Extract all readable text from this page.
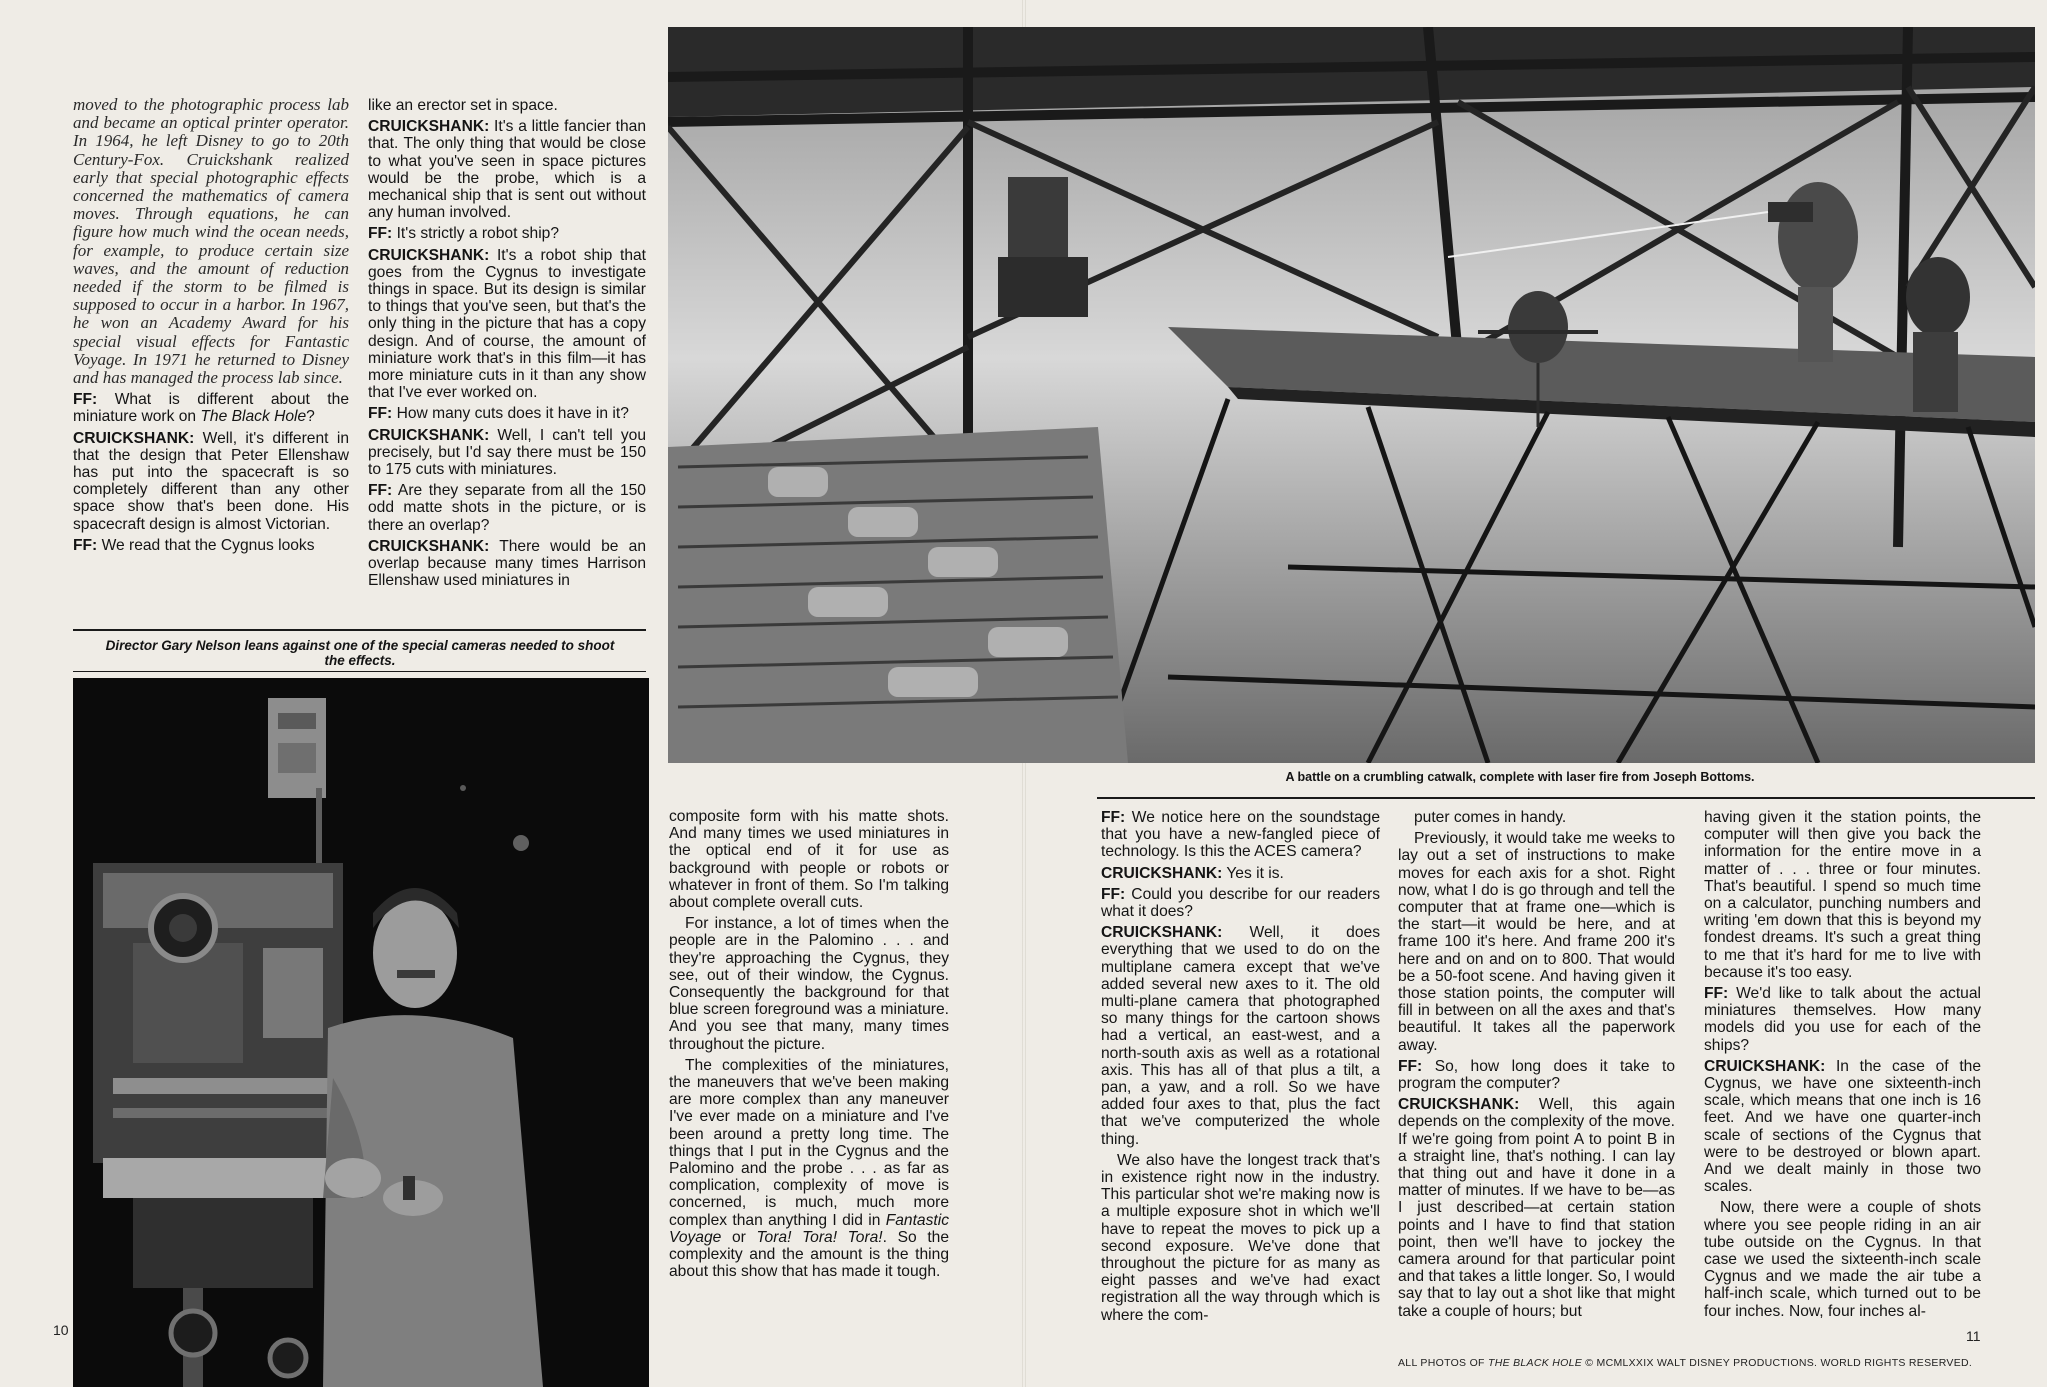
moved to the photographic process lab and became an optical printer operator. In 1964, he left Disney to go to 20th Century-Fox. Cruickshank realized early that special photographic effects concerned the mathematics of camera moves. Through equations, he can figure how much wind the ocean needs, for example, to produce certain size waves, and the amount of reduction needed if the storm to be filmed is supposed to occur in a harbor. In 1967, he won an Academy Award for his special visual effects for Fantastic Voyage. In 1971 he returned to Disney and has managed the process lab since.

FF: What is different about the miniature work on The Black Hole?

CRUICKSHANK: Well, it's different in that the design that Peter Ellenshaw has put into the spacecraft is so completely different than any other space show that's been done. His spacecraft design is almost Victorian.

FF: We read that the Cygnus looks

like an erector set in space.

CRUICKSHANK: It's a little fancier than that. The only thing that would be close to what you've seen in space pictures would be the probe, which is a mechanical ship that is sent out without any human involved.

FF: It's strictly a robot ship?

CRUICKSHANK: It's a robot ship that goes from the Cygnus to investigate things in space. But its design is similar to things that you've seen, but that's the only thing in the picture that has a copy design. And of course, the amount of miniature work that's in this film—it has more miniature cuts in it than any show that I've ever worked on.

FF: How many cuts does it have in it?

CRUICKSHANK: Well, I can't tell you precisely, but I'd say there must be 150 to 175 cuts with miniatures.

FF: Are they separate from all the 150 odd matte shots in the picture, or is there an overlap?

CRUICKSHANK: There would be an overlap because many times Harrison Ellenshaw used miniatures in

Director Gary Nelson leans against one of the special cameras needed to shoot the effects.

composite form with his matte shots. And many times we used miniatures in the optical end of it for use as background with people or robots or whatever in front of them. So I'm talking about complete overall cuts.

For instance, a lot of times when the people are in the Palomino . . . and they're approaching the Cygnus, they see, out of their window, the Cygnus. Consequently the background for that blue screen foreground was a miniature. And you see that many, many times throughout the picture.

The complexities of the miniatures, the maneuvers that we've been making are more complex than any maneuver I've ever made on a miniature and I've been around a pretty long time. The things that I put in the Cygnus and the Palomino and the probe . . . as far as complication, complexity of move is concerned, is much, much more complex than anything I did in Fantastic Voyage or Tora! Tora! Tora!. So the complexity and the amount is the thing about this show that has made it tough.

10
A battle on a crumbling catwalk, complete with laser fire from Joseph Bottoms.

FF: We notice here on the soundstage that you have a new-fangled piece of technology. Is this the ACES camera?

CRUICKSHANK: Yes it is.

FF: Could you describe for our readers what it does?

CRUICKSHANK: Well, it does everything that we used to do on the multiplane camera except that we've added several new axes to it. The old multi-plane camera that photographed so many things for the cartoon shows had a vertical, an east-west, and a north-south axis as well as a rotational axis. This has all of that plus a tilt, a pan, a yaw, and a roll. So we have added four axes to that, plus the fact that we've computerized the whole thing.

We also have the longest track that's in existence right now in the industry. This particular shot we're making now is a multiple exposure shot in which we'll have to repeat the moves to pick up a second exposure. We've done that throughout the picture for as many as eight passes and we've had exact registration all the way through which is where the com-

puter comes in handy.

Previously, it would take me weeks to lay out a set of instructions to make moves for each axis for a shot. Right now, what I do is go through and tell the computer that at frame one—which is the start—it would be here, and at frame 100 it's here. And frame 200 it's here and on and on to 800. That would be a 50-foot scene. And having given it those station points, the computer will fill in between on all the axes and that's beautiful. It takes all the paperwork away.

FF: So, how long does it take to program the computer?

CRUICKSHANK: Well, this again depends on the complexity of the move. If we're going from point A to point B in a straight line, that's nothing. I can lay that thing out and have it done in a matter of minutes. If we have to be—as I just described—at certain station points and I have to find that station point, then we'll have to jockey the camera around for that particular point and that takes a little longer. So, I would say that to lay out a shot like that might take a couple of hours; but

having given it the station points, the computer will then give you back the information for the entire move in a matter of . . . three or four minutes. That's beautiful. I spend so much time on a calculator, punching numbers and writing 'em down that this is beyond my fondest dreams. It's such a great thing to me that it's hard for me to live with because it's too easy.

FF: We'd like to talk about the actual miniatures themselves. How many models did you use for each of the ships?

CRUICKSHANK: In the case of the Cygnus, we have one sixteenth-inch scale, which means that one inch is 16 feet. And we have one quarter-inch scale of sections of the Cygnus that were to be destroyed or blown apart. And we dealt mainly in those two scales.

Now, there were a couple of shots where you see people riding in an air tube outside on the Cygnus. In that case we used the sixteenth-inch scale Cygnus and we made the air tube a half-inch scale, which turned out to be four inches. Now, four inches al-

11
ALL PHOTOS OF THE BLACK HOLE © MCMLXXIX WALT DISNEY PRODUCTIONS. WORLD RIGHTS RESERVED.
